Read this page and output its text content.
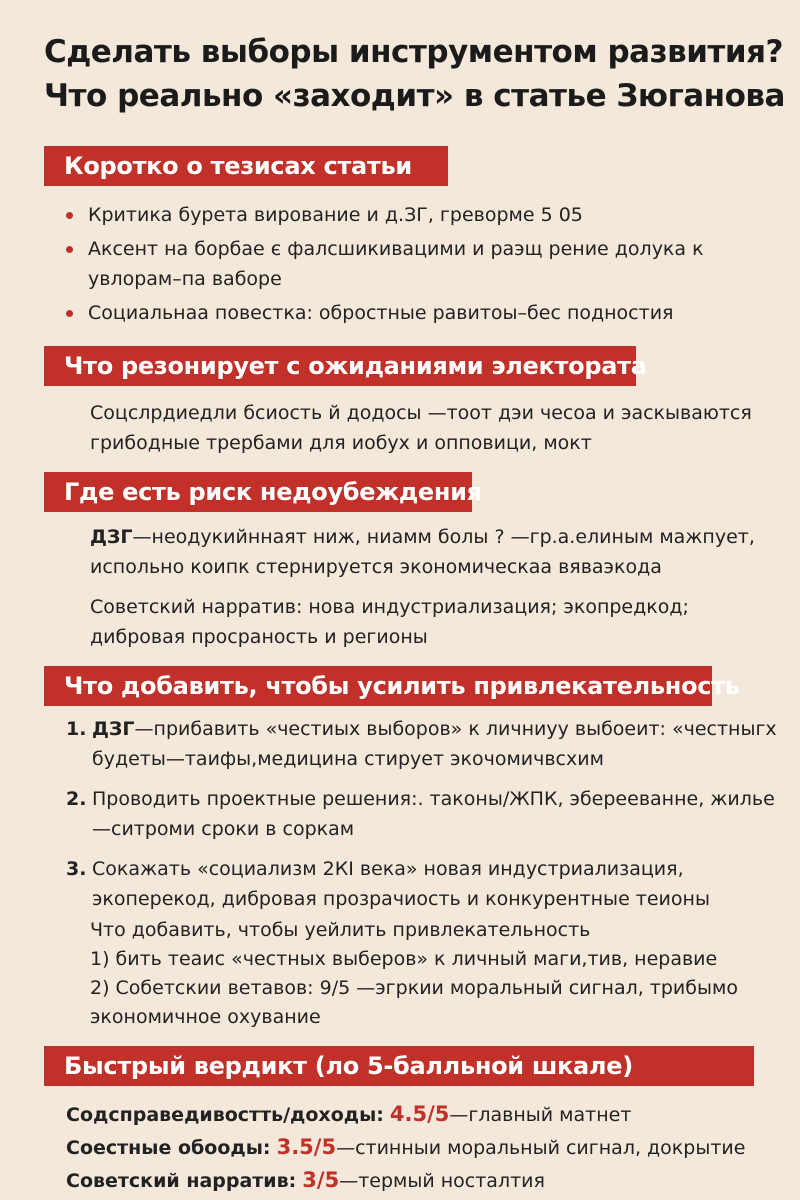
Сделать выборы инструментом развития?
Что реально «заходит» в статье Зюганова
Коротко о тезисах статьи
Критика бурета вирование и д.ЗГ, греворме 5 05
Аксент на борбае є фалсшикивацими и раэщ рение долука к увлорам–па ваборе
Социальнаа повестка: обростные равитоы–бес подностия
Что резонирует с ожиданиями электората
Соцслрдиедли бсиость й додосы —тоот дэи чесоа и эаскываются грибодные трербами для иобух и опповици, мокт
Где есть риск недоубеждения
ДЗГ—неодукийннаят ниж, ниамм болы ? —гр.а.елиным мажпует, испольно коипк стернируется экономическаа вяваэкода
Советский нарратив: нова индустриализация; экопредкод; дибровая просраность и регионы
Что добавить, чтобы усилить привлекательность
1. ДЗГ—прибавить «честиых выборов» к личниyy выбоеит: «честныгх будеты—таифы,медицина стирует экочомичвсхим
2. Проводить проектные решения:. таконы/ЖПК, эберееванне, жилье —ситроми сроки в соркам
3. Сокажать «социализм 2КI века» новая индустриализация, экоперекод, дибровая прозрачиость и конкурентные теионы
Что добавить, чтобы уейлить привлекательность
1) бить теаис «честных выберов» к личный маги,тив, неравие
2) Собетскии ветавов: 9/5 —эгркии моральный сигнал, трибымо экономичное охувание
Быстрый вердикт (ло 5-балльной шкале)
Содсправедивостть/доходы: 4.5/5—главный матнет
Соестные обооды: 3.5/5—стинныи моральный сигнал, докрытие
Советский нарратив: 3/5—термый ностaлтия
